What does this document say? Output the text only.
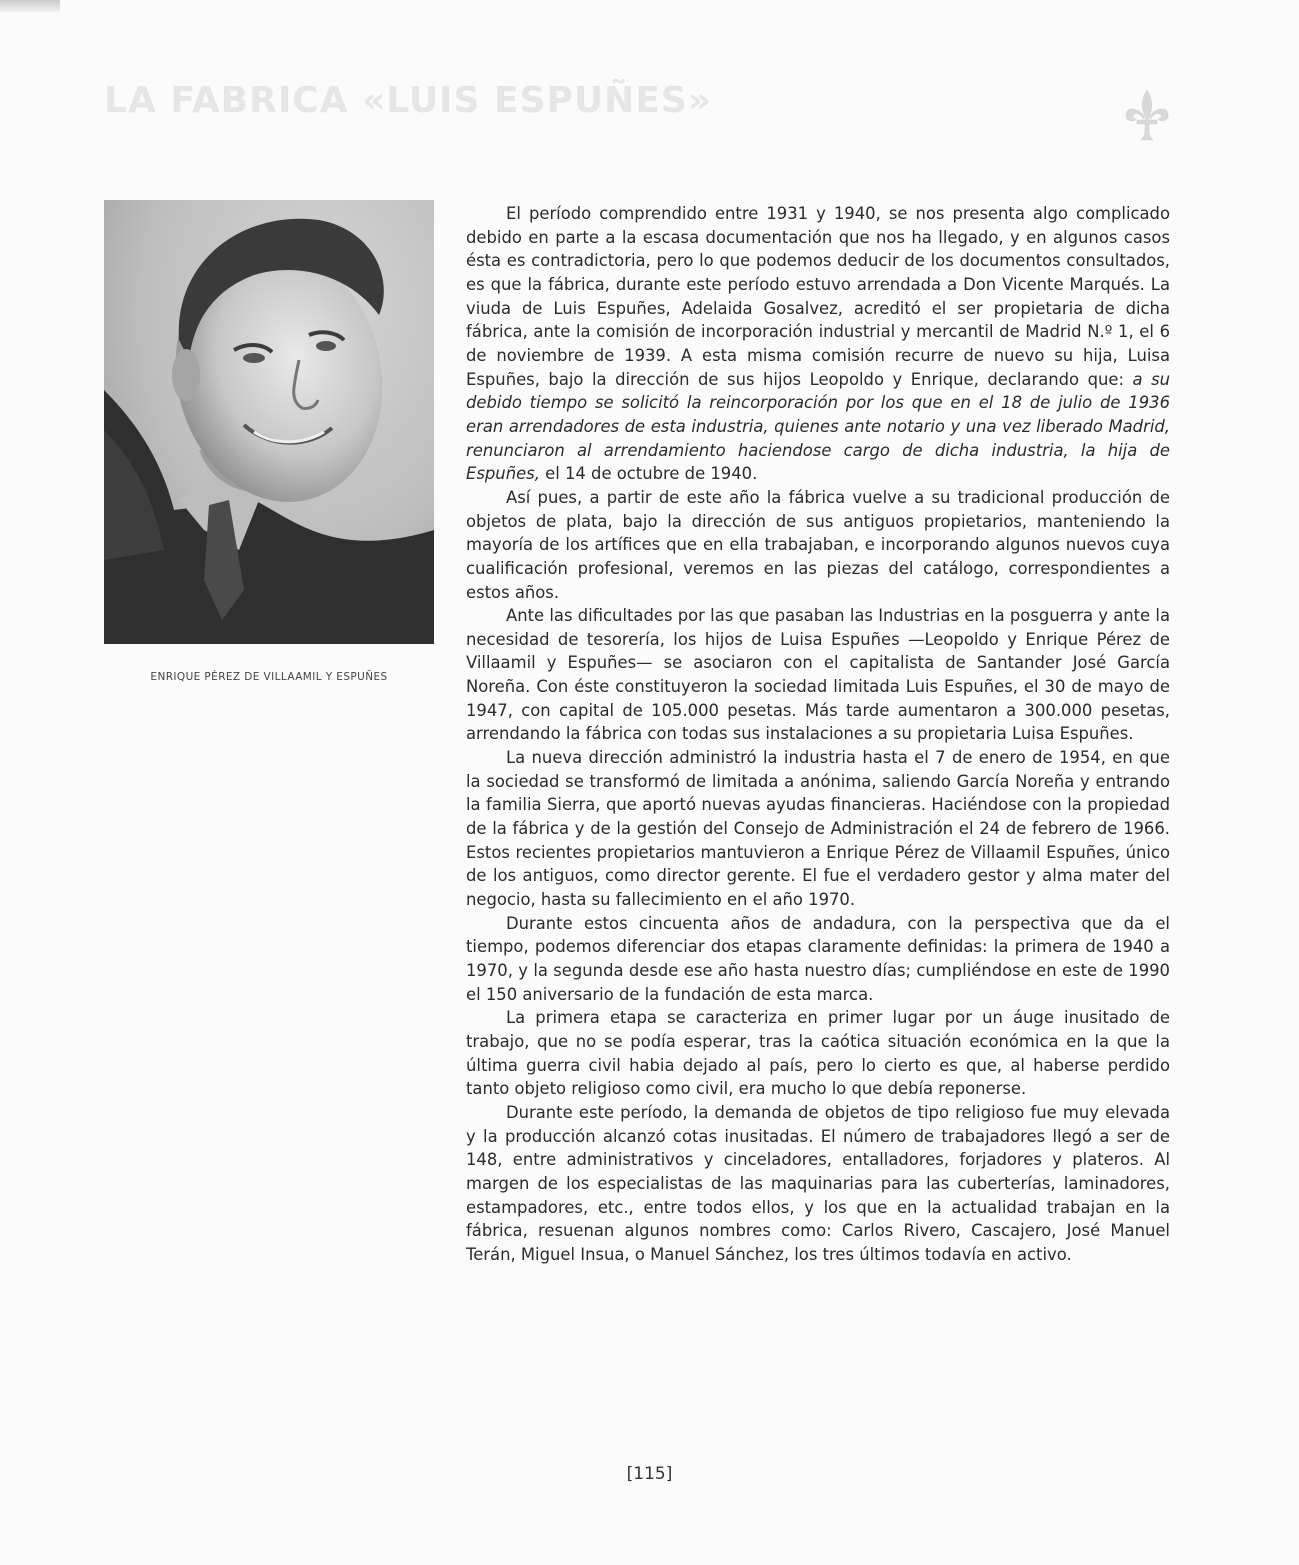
LA FABRICA «LUIS ESPUÑES»
ENRIQUE PÉREZ DE VILLAAMIL Y ESPUÑES

El período comprendido entre 1931 y 1940, se nos presenta algo complicado debido en parte a la escasa documentación que nos ha llegado, y en algunos casos ésta es contradictoria, pero lo que podemos deducir de los documentos consultados, es que la fábrica, durante este período estuvo arrendada a Don Vicente Marqués. La viuda de Luis Espuñes, Adelaida Gosalvez, acreditó el ser propietaria de dicha fábrica, ante la comisión de incorporación industrial y mercantil de Madrid N.º 1, el 6 de noviembre de 1939. A esta misma comisión recurre de nuevo su hija, Luisa Espuñes, bajo la dirección de sus hijos Leopoldo y Enrique, declarando que: a su debido tiempo se solicitó la reincorporación por los que en el 18 de julio de 1936 eran arrendadores de esta industria, quienes ante notario y una vez liberado Madrid, renunciaron al arrendamiento haciendose cargo de dicha industria, la hija de Espuñes, el 14 de octubre de 1940.

Así pues, a partir de este año la fábrica vuelve a su tradicional producción de objetos de plata, bajo la dirección de sus antiguos propietarios, manteniendo la mayoría de los artífices que en ella trabajaban, e incorporando algunos nuevos cuya cualificación profesional, veremos en las piezas del catálogo, correspondientes a estos años.

Ante las dificultades por las que pasaban las Industrias en la posguerra y ante la necesidad de tesorería, los hijos de Luisa Espuñes —Leopoldo y Enrique Pérez de Villaamil y Espuñes— se asociaron con el capitalista de Santander José García Noreña. Con éste constituyeron la sociedad limitada Luis Espuñes, el 30 de mayo de 1947, con capital de 105.000 pesetas. Más tarde aumentaron a 300.000 pesetas, arrendando la fábrica con todas sus instalaciones a su propietaria Luisa Espuñes.

La nueva dirección administró la industria hasta el 7 de enero de 1954, en que la sociedad se transformó de limitada a anónima, saliendo García Noreña y entrando la familia Sierra, que aportó nuevas ayudas financieras. Haciéndose con la propiedad de la fábrica y de la gestión del Consejo de Administración el 24 de febrero de 1966. Estos recientes propietarios mantuvieron a Enrique Pérez de Villaamil Espuñes, único de los antiguos, como director gerente. El fue el verdadero gestor y alma mater del negocio, hasta su fallecimiento en el año 1970.

Durante estos cincuenta años de andadura, con la perspectiva que da el tiempo, podemos diferenciar dos etapas claramente definidas: la primera de 1940 a 1970, y la segunda desde ese año hasta nuestro días; cumpliéndose en este de 1990 el 150 aniversario de la fundación de esta marca.

La primera etapa se caracteriza en primer lugar por un áuge inusitado de trabajo, que no se podía esperar, tras la caótica situación económica en la que la última guerra civil habia dejado al país, pero lo cierto es que, al haberse perdido tanto objeto religioso como civil, era mucho lo que debía reponerse.

Durante este período, la demanda de objetos de tipo religioso fue muy elevada y la producción alcanzó cotas inusitadas. El número de trabajadores llegó a ser de 148, entre administrativos y cinceladores, entalladores, forjadores y plateros. Al margen de los especialistas de las maquinarias para las cuberterías, laminadores, estampadores, etc., entre todos ellos, y los que en la actualidad trabajan en la fábrica, resuenan algunos nombres como: Carlos Rivero, Cascajero, José Manuel Terán, Miguel Insua, o Manuel Sánchez, los tres últimos todavía en activo.

[115]
